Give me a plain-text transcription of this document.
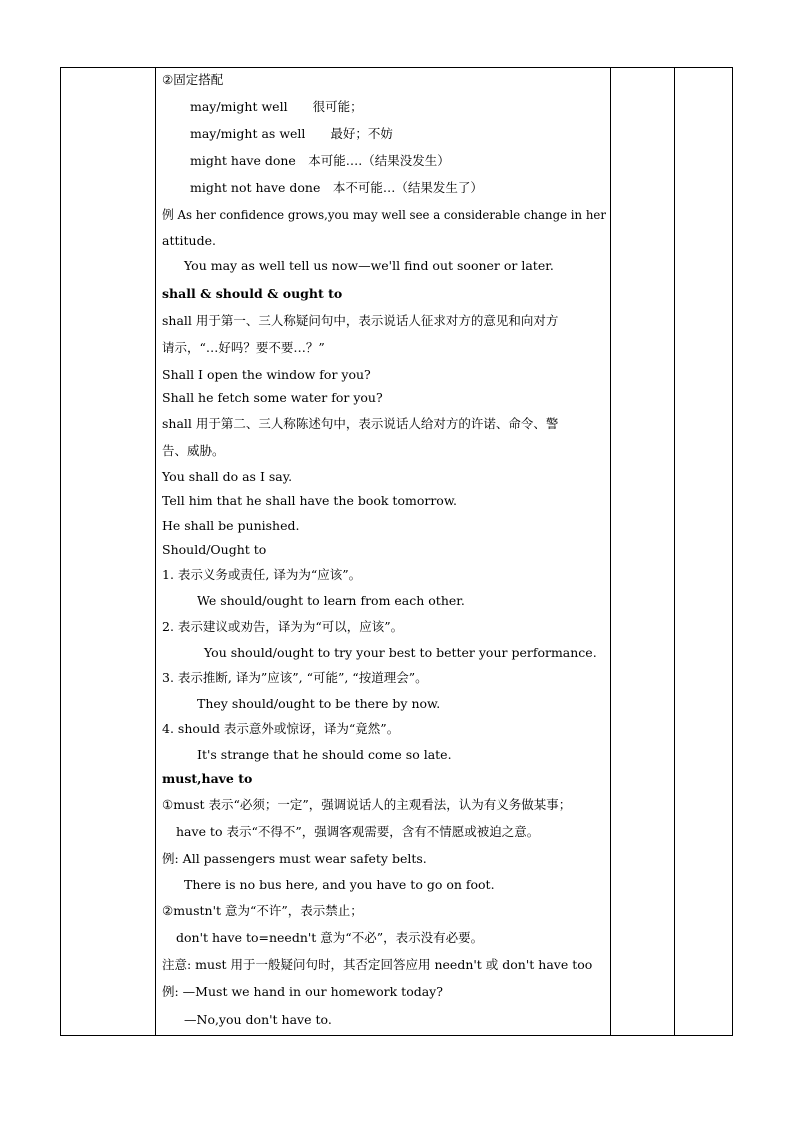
②固定搭配
may/might well　　很可能；
may/might as well　　最好；不妨
might have done　本可能….（结果没发生）
might not have done　本不可能…（结果发生了）
例 As her confidence grows,you may well see a considerable change in her
attitude.
You may as well tell us now—we'll find out sooner or later.
shall & should & ought to
shall 用于第一、三人称疑问句中，表示说话人征求对方的意见和向对方
请示，“…好吗？要不要…？”
Shall I open the window for you?
Shall he fetch some water for you?
shall 用于第二、三人称陈述句中，表示说话人给对方的许诺、命令、警
告、威胁。
You shall do as I say.
Tell him that he shall have the book tomorrow.
He shall be punished.
Should/Ought to
1. 表示义务或责任, 译为为“应该”。
We should/ought to learn from each other.
2. 表示建议或劝告，译为为“可以，应该”。
You should/ought to try your best to better your performance.
3. 表示推断, 译为”应该”, “可能”, “按道理会”。
They should/ought to be there by now.
4. should 表示意外或惊讶，译为“竟然”。
It's strange that he should come so late.
must,have to
①must 表示“必须；一定”，强调说话人的主观看法，认为有义务做某事；
have to 表示“不得不”，强调客观需要，含有不情愿或被迫之意。
例: All passengers must wear safety belts.
There is no bus here, and you have to go on foot.
②mustn't 意为“不许”，表示禁止；
don't have to=needn't 意为“不必”，表示没有必要。
注意: must 用于一般疑问句时，其否定回答应用 needn't 或 don't have too
例: —Must we hand in our homework today?
—No,you don't have to.
